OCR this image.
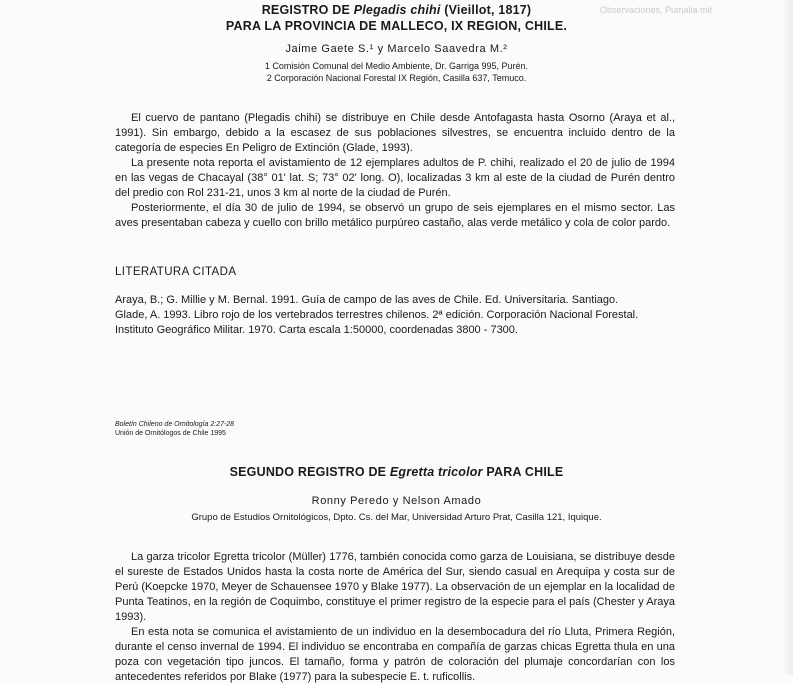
Observaciones, Pumalia mit
REGISTRO DE Plegadis chihi (Vieillot, 1817)
PARA LA PROVINCIA DE MALLECO, IX REGION, CHILE.
Jaime Gaete S.¹ y Marcelo Saavedra M.²
1 Comisión Comunal del Medio Ambiente, Dr. Garriga 995, Purén.
2 Corporación Nacional Forestal IX Región, Casilla 637, Temuco.

El cuervo de pantano (Plegadis chihi) se distribuye en Chile desde Antofagasta hasta Osorno (Araya et al., 1991). Sin embargo, debido a la escasez de sus poblaciones silvestres, se encuentra incluido dentro de la categoría de especies En Peligro de Extinción (Glade, 1993).

La presente nota reporta el avistamiento de 12 ejemplares adultos de P. chihi, realizado el 20 de julio de 1994 en las vegas de Chacayal (38° 01' lat. S; 73° 02' long. O), localizadas 3 km al este de la ciudad de Purén dentro del predio con Rol 231-21, unos 3 km al norte de la ciudad de Purén.

Posteriormente, el día 30 de julio de 1994, se observó un grupo de seis ejemplares en el mismo sector. Las aves presentaban cabeza y cuello con brillo metálico purpúreo castaño, alas verde metálico y cola de color pardo.

LITERATURA CITADA

Araya, B.; G. Millie y M. Bernal. 1991. Guía de campo de las aves de Chile. Ed. Universitaria. Santiago.

Glade, A. 1993. Libro rojo de los vertebrados terrestres chilenos. 2ª edición. Corporación Nacional Forestal.

Instituto Geográfico Militar. 1970. Carta escala 1:50000, coordenadas 3800 - 7300.

Boletín Chileno de Ornitología 2:27-28
Unión de Ornitólogos de Chile 1995
SEGUNDO REGISTRO DE Egretta tricolor PARA CHILE
Ronny Peredo y Nelson Amado
Grupo de Estudios Ornitológicos, Dpto. Cs. del Mar, Universidad Arturo Prat, Casilla 121, Iquique.

La garza tricolor Egretta tricolor (Müller) 1776, también conocida como garza de Louisiana, se distribuye desde el sureste de Estados Unidos hasta la costa norte de América del Sur, siendo casual en Arequipa y costa sur de Perú (Koepcke 1970, Meyer de Schauensee 1970 y Blake 1977). La observación de un ejemplar en la localidad de Punta Teatinos, en la región de Coquimbo, constituye el primer registro de la especie para el país (Chester y Araya 1993).

En esta nota se comunica el avistamiento de un individuo en la desembocadura del río Lluta, Primera Región, durante el censo invernal de 1994. El individuo se encontraba en compañía de garzas chicas Egretta thula en una poza con vegetación tipo juncos. El tamaño, forma y patrón de coloración del plumaje concordarían con los antecedentes referidos por Blake (1977) para la subespecie E. t. ruficollis.
